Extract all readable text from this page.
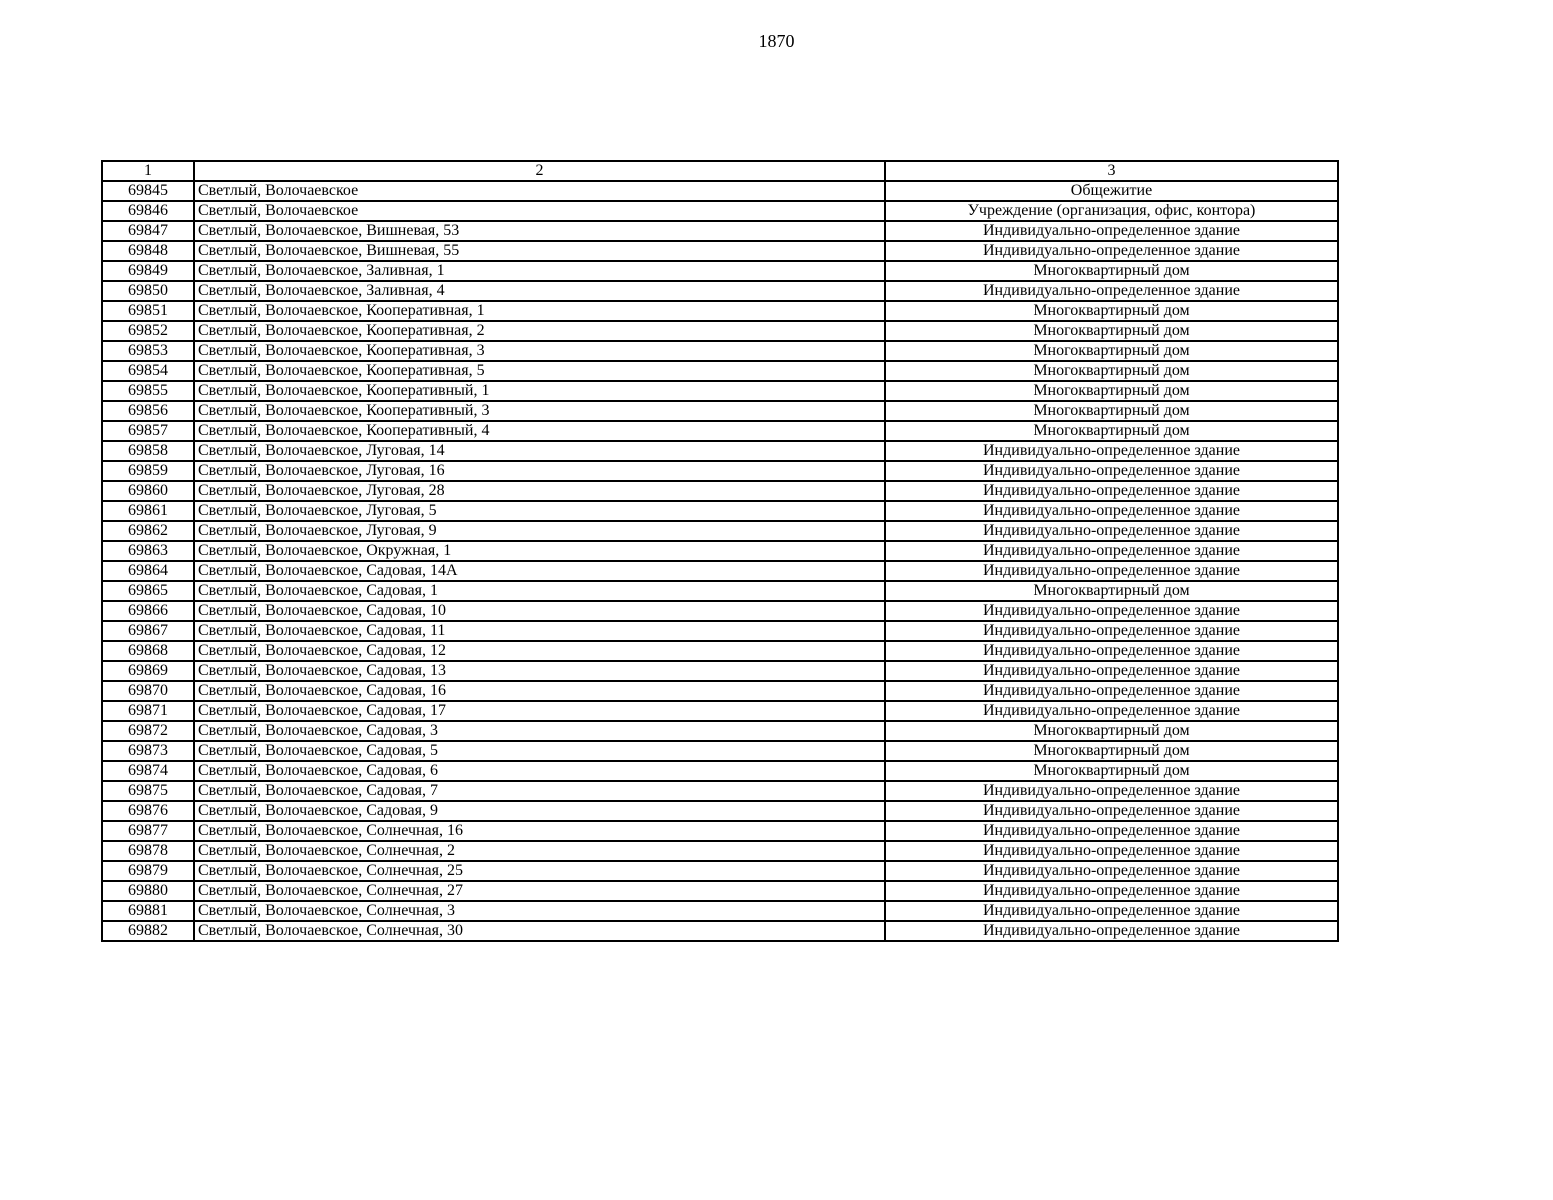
1870
1	2	3
69845	Светлый, Волочаевское	Общежитие
69846	Светлый, Волочаевское	Учреждение (организация, офис, контора)
69847	Светлый, Волочаевское, Вишневая, 53	Индивидуально-определенное здание
69848	Светлый, Волочаевское, Вишневая, 55	Индивидуально-определенное здание
69849	Светлый, Волочаевское, Заливная, 1	Многоквартирный дом
69850	Светлый, Волочаевское, Заливная, 4	Индивидуально-определенное здание
69851	Светлый, Волочаевское, Кооперативная, 1	Многоквартирный дом
69852	Светлый, Волочаевское, Кооперативная, 2	Многоквартирный дом
69853	Светлый, Волочаевское, Кооперативная, 3	Многоквартирный дом
69854	Светлый, Волочаевское, Кооперативная, 5	Многоквартирный дом
69855	Светлый, Волочаевское, Кооперативный, 1	Многоквартирный дом
69856	Светлый, Волочаевское, Кооперативный, 3	Многоквартирный дом
69857	Светлый, Волочаевское, Кооперативный, 4	Многоквартирный дом
69858	Светлый, Волочаевское, Луговая, 14	Индивидуально-определенное здание
69859	Светлый, Волочаевское, Луговая, 16	Индивидуально-определенное здание
69860	Светлый, Волочаевское, Луговая, 28	Индивидуально-определенное здание
69861	Светлый, Волочаевское, Луговая, 5	Индивидуально-определенное здание
69862	Светлый, Волочаевское, Луговая, 9	Индивидуально-определенное здание
69863	Светлый, Волочаевское, Окружная, 1	Индивидуально-определенное здание
69864	Светлый, Волочаевское, Садовая, 14А	Индивидуально-определенное здание
69865	Светлый, Волочаевское, Садовая, 1	Многоквартирный дом
69866	Светлый, Волочаевское, Садовая, 10	Индивидуально-определенное здание
69867	Светлый, Волочаевское, Садовая, 11	Индивидуально-определенное здание
69868	Светлый, Волочаевское, Садовая, 12	Индивидуально-определенное здание
69869	Светлый, Волочаевское, Садовая, 13	Индивидуально-определенное здание
69870	Светлый, Волочаевское, Садовая, 16	Индивидуально-определенное здание
69871	Светлый, Волочаевское, Садовая, 17	Индивидуально-определенное здание
69872	Светлый, Волочаевское, Садовая, 3	Многоквартирный дом
69873	Светлый, Волочаевское, Садовая, 5	Многоквартирный дом
69874	Светлый, Волочаевское, Садовая, 6	Многоквартирный дом
69875	Светлый, Волочаевское, Садовая, 7	Индивидуально-определенное здание
69876	Светлый, Волочаевское, Садовая, 9	Индивидуально-определенное здание
69877	Светлый, Волочаевское, Солнечная, 16	Индивидуально-определенное здание
69878	Светлый, Волочаевское, Солнечная, 2	Индивидуально-определенное здание
69879	Светлый, Волочаевское, Солнечная, 25	Индивидуально-определенное здание
69880	Светлый, Волочаевское, Солнечная, 27	Индивидуально-определенное здание
69881	Светлый, Волочаевское, Солнечная, 3	Индивидуально-определенное здание
69882	Светлый, Волочаевское, Солнечная, 30	Индивидуально-определенное здание
